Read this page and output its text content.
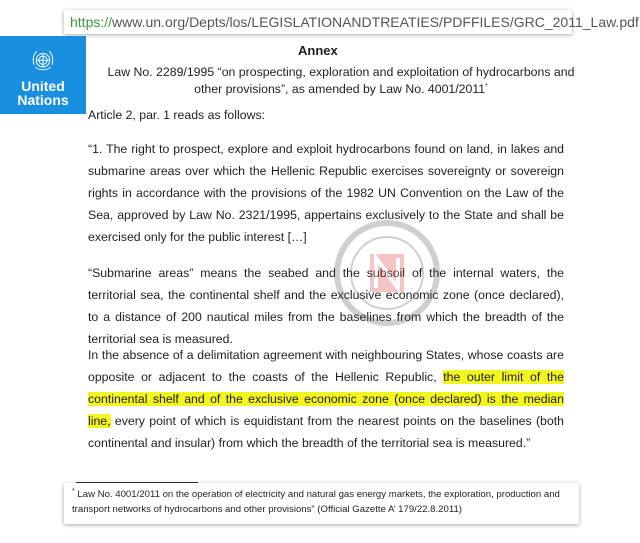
https://www.un.org/Depts/los/LEGISLATIONANDTREATIES/PDFFILES/GRC_2011_Law.pdf
United
Nations
Annex
Law No. 2289/1995 “on prospecting, exploration and exploitation of hydrocarbons and other provisions”, as amended by Law No. 4001/2011*
Article 2, par. 1 reads as follows:
“1. The right to prospect, explore and exploit hydrocarbons found on land, in lakes and submarine areas over which the Hellenic Republic exercises sovereignty or sovereign rights in accordance with the provisions of the 1982 UN Convention on the Law of the Sea, approved by Law No. 2321/1995, appertains exclusively to the State and shall be exercised only for the public interest […]
“Submarine areas” means the seabed and the subsoil of the internal waters, the territorial sea, the continental shelf and the exclusive economic zone (once declared), to a distance of 200 nautical miles from the baselines from which the breadth of the territorial sea is measured.
In the absence of a delimitation agreement with neighbouring States, whose coasts are opposite or adjacent to the coasts of the Hellenic Republic, the outer limit of the continental shelf and of the exclusive economic zone (once declared) is the median line, every point of which is equidistant from the nearest points on the baselines (both continental and insular) from which the breadth of the territorial sea is measured.”
* Law No. 4001/2011 on the operation of electricity and natural gas energy markets, the exploration, production and transport networks of hydrocarbons and other provisions” (Official Gazette A’ 179/22.8.2011)
